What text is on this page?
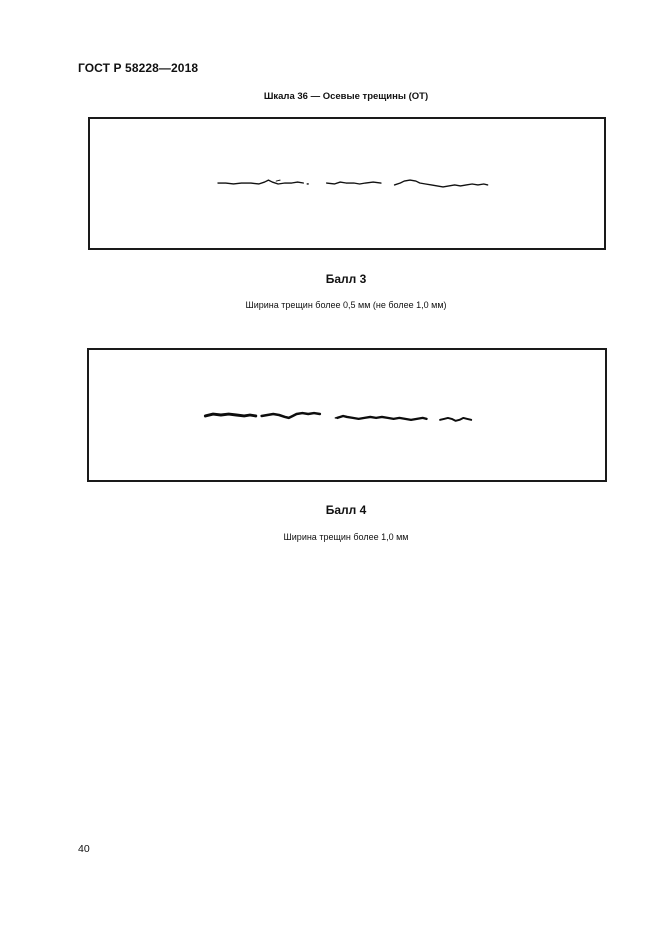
ГОСТ Р 58228—2018
Шкала 36 — Осевые трещины (ОТ)
Балл 3
Ширина трещин более 0,5 мм (не более 1,0 мм)
Балл 4
Ширина трещин более 1,0 мм
40
